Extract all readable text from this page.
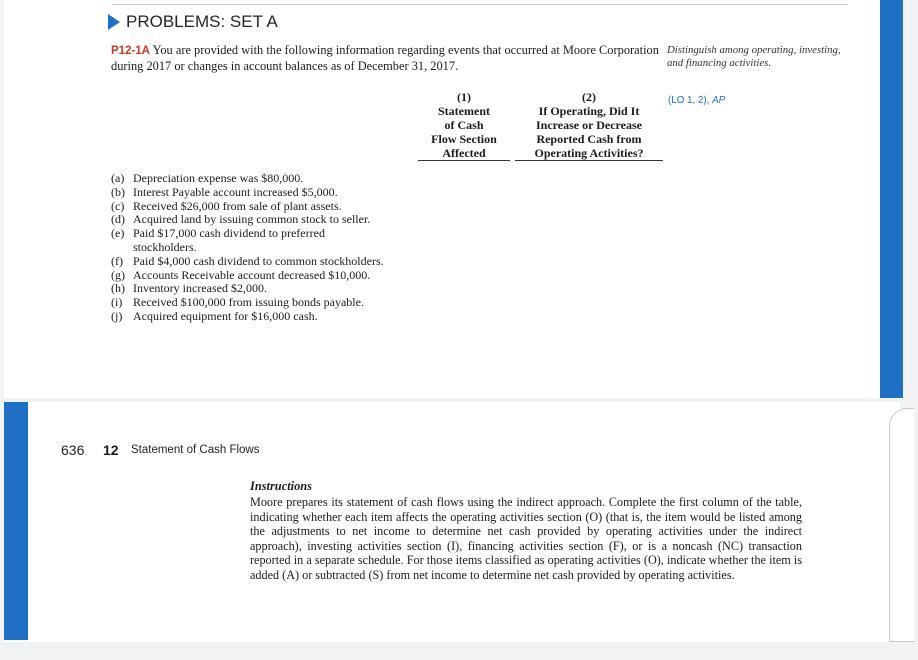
PROBLEMS: SET A
P12-1A You are provided with the following information regarding events that occurred at Moore Corporation during 2017 or changes in account balances as of December 31, 2017.
Distinguish among operating, investing, and financing activities.
(LO 1, 2), AP
(1)
Statement
of Cash
Flow Section
Affected
(2)
If Operating, Did It
Increase or Decrease
Reported Cash from
Operating Activities?
(a) Depreciation expense was $80,000.
(b) Interest Payable account increased $5,000.
(c) Received $26,000 from sale of plant assets.
(d) Acquired land by issuing common stock to seller.
(e) Paid $17,000 cash dividend to preferred stockholders.
(f) Paid $4,000 cash dividend to common stockholders.
(g) Accounts Receivable account decreased $10,000.
(h) Inventory increased $2,000.
(i) Received $100,000 from issuing bonds payable.
(j) Acquired equipment for $16,000 cash.
636 12 Statement of Cash Flows
Instructions
Moore prepares its statement of cash flows using the indirect approach. Complete the first column of the table, indicating whether each item affects the operating activities section (O) (that is, the item would be listed among the adjustments to net income to determine net cash provided by operating activities under the indirect approach), investing activities section (I), financing activities section (F), or is a noncash (NC) transaction reported in a separate schedule. For those items classified as operating activities (O), indicate whether the item is added (A) or subtracted (S) from net income to determine net cash provided by operating activities.
